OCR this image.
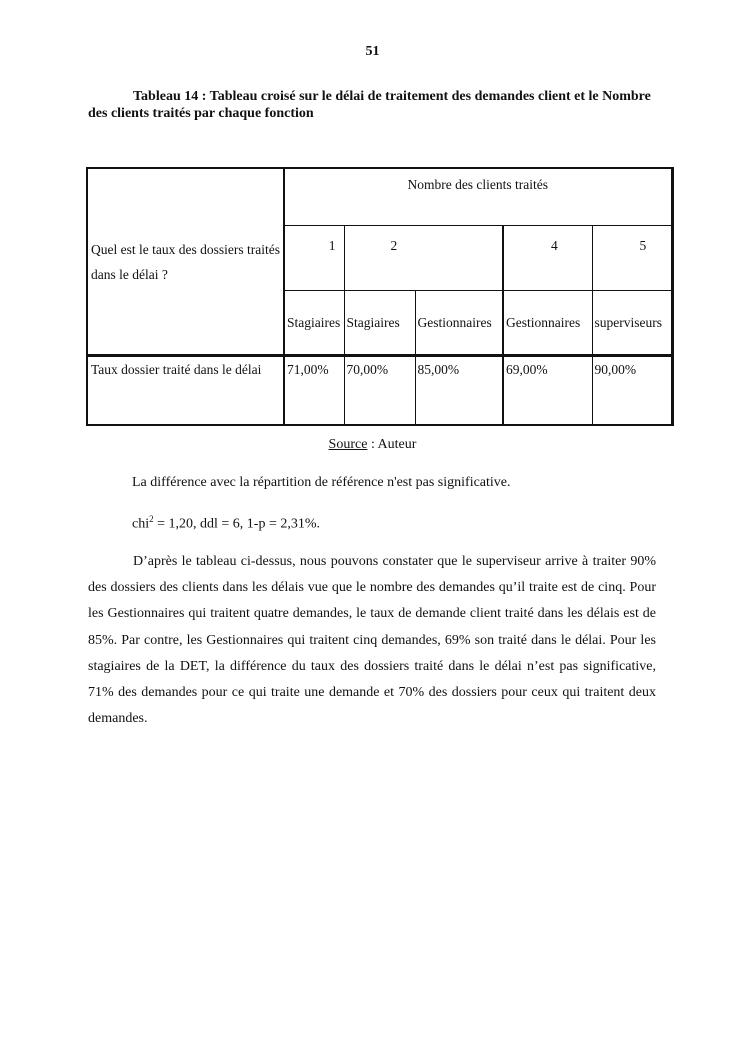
51
Tableau 14 : Tableau croisé sur le délai de traitement des demandes client et le Nombre des clients traités par chaque fonction
Quel est le taux des dossiers traités dans le délai ?	Nombre des clients traités				
	1	2		4	5
	Stagiaires	Stagiaires	Gestionnaires	Gestionnaires	superviseurs
Taux dossier traité dans le délai	71,00%	70,00%	85,00%	69,00%	90,00%
Source : Auteur
La différence avec la répartition de référence n'est pas significative.
chi$^2$ = 1,20, ddl = 6, 1-p = 2,31%.

D’après le tableau ci-dessus, nous pouvons constater que le superviseur arrive à traiter 90% des dossiers des clients dans les délais vue que le nombre des demandes qu’il traite est de cinq. Pour les Gestionnaires qui traitent quatre demandes, le taux de demande client traité dans les délais est de 85%. Par contre, les Gestionnaires qui traitent cinq demandes, 69% son traité dans le délai. Pour les stagiaires de la DET, la différence du taux des dossiers traité dans le délai n’est pas significative, 71% des demandes pour ce qui traite une demande et 70% des dossiers pour ceux qui traitent deux demandes.
